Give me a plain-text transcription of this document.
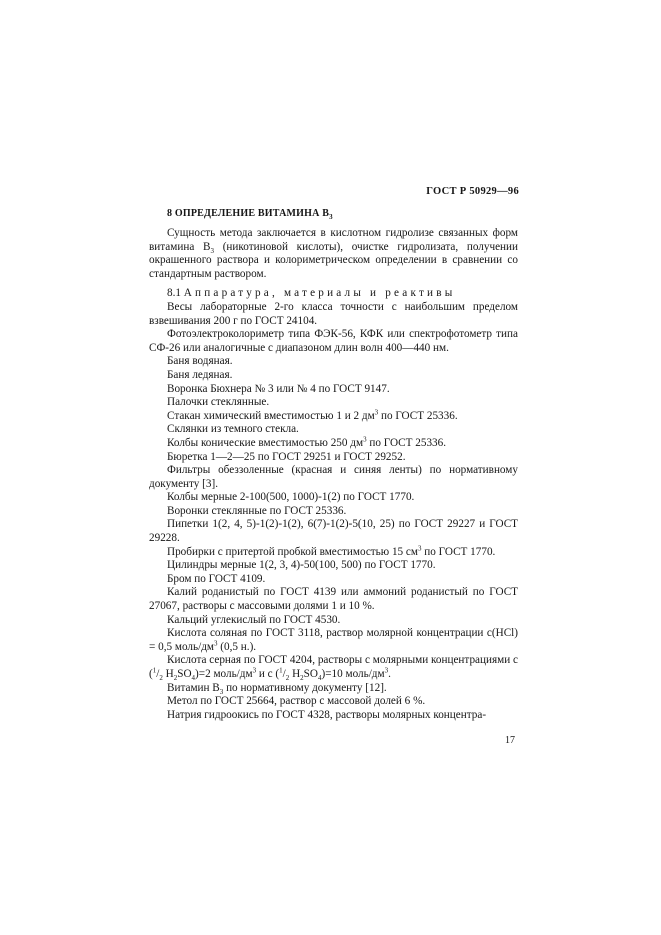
ГОСТ Р 50929—96
8 ОПРЕДЕЛЕНИЕ ВИТАМИНА $B_3$

Сущность метода заключается в кислотном гидролизе связанных форм витамина $B_3$ (никотиновой кислоты), очистке гидролизата, получении окрашенного раствора и колориметрическом определении в сравнении со стандартным раствором.

8.1 Аппаратура, материалы и реактивы

Весы лабораторные 2-го класса точности с наибольшим пределом взвешивания 200 г по ГОСТ 24104.

Фотоэлектроколориметр типа ФЭК-56, КФК или спектрофотометр типа СФ-26 или аналогичные с диапазоном длин волн 400—440 нм.

Баня водяная.

Баня ледяная.

Воронка Бюхнера № 3 или № 4 по ГОСТ 9147.

Палочки стеклянные.

Стакан химический вместимостью 1 и 2 $дм^3$ по ГОСТ 25336.

Склянки из темного стекла.

Колбы конические вместимостью 250 $дм^3$ по ГОСТ 25336.

Бюретка 1—2—25 по ГОСТ 29251 и ГОСТ 29252.

Фильтры обеззоленные (красная и синяя ленты) по нормативному документу [3].

Колбы мерные 2-100(500, 1000)-1(2) по ГОСТ 1770.

Воронки стеклянные по ГОСТ 25336.

Пипетки 1(2, 4, 5)-1(2)-1(2), 6(7)-1(2)-5(10, 25) по ГОСТ 29227 и ГОСТ 29228.

Пробирки с притертой пробкой вместимостью 15 $см^3$ по ГОСТ 1770.

Цилиндры мерные 1(2, 3, 4)-50(100, 500) по ГОСТ 1770.

Бром по ГОСТ 4109.

Калий роданистый по ГОСТ 4139 или аммоний роданистый по ГОСТ 27067, растворы с массовыми долями 1 и 10 %.

Кальций углекислый по ГОСТ 4530.

Кислота соляная по ГОСТ 3118, раствор молярной концентрации c(HCl) = 0,5 моль/$дм^3$ (0,5 н.).

Кислота серная по ГОСТ 4204, растворы с молярными концентрациями c ($^1/_2$ $H_2SO_4)=2$ моль/$дм^3$ и c ($^1/_2$ $H_2SO_4)=10$ моль/$дм^3$.

Витамин $B_3$ по нормативному документу [12].

Метол по ГОСТ 25664, раствор с массовой долей 6 %.

Натрия гидроокись по ГОСТ 4328, растворы молярных концентра-

17
